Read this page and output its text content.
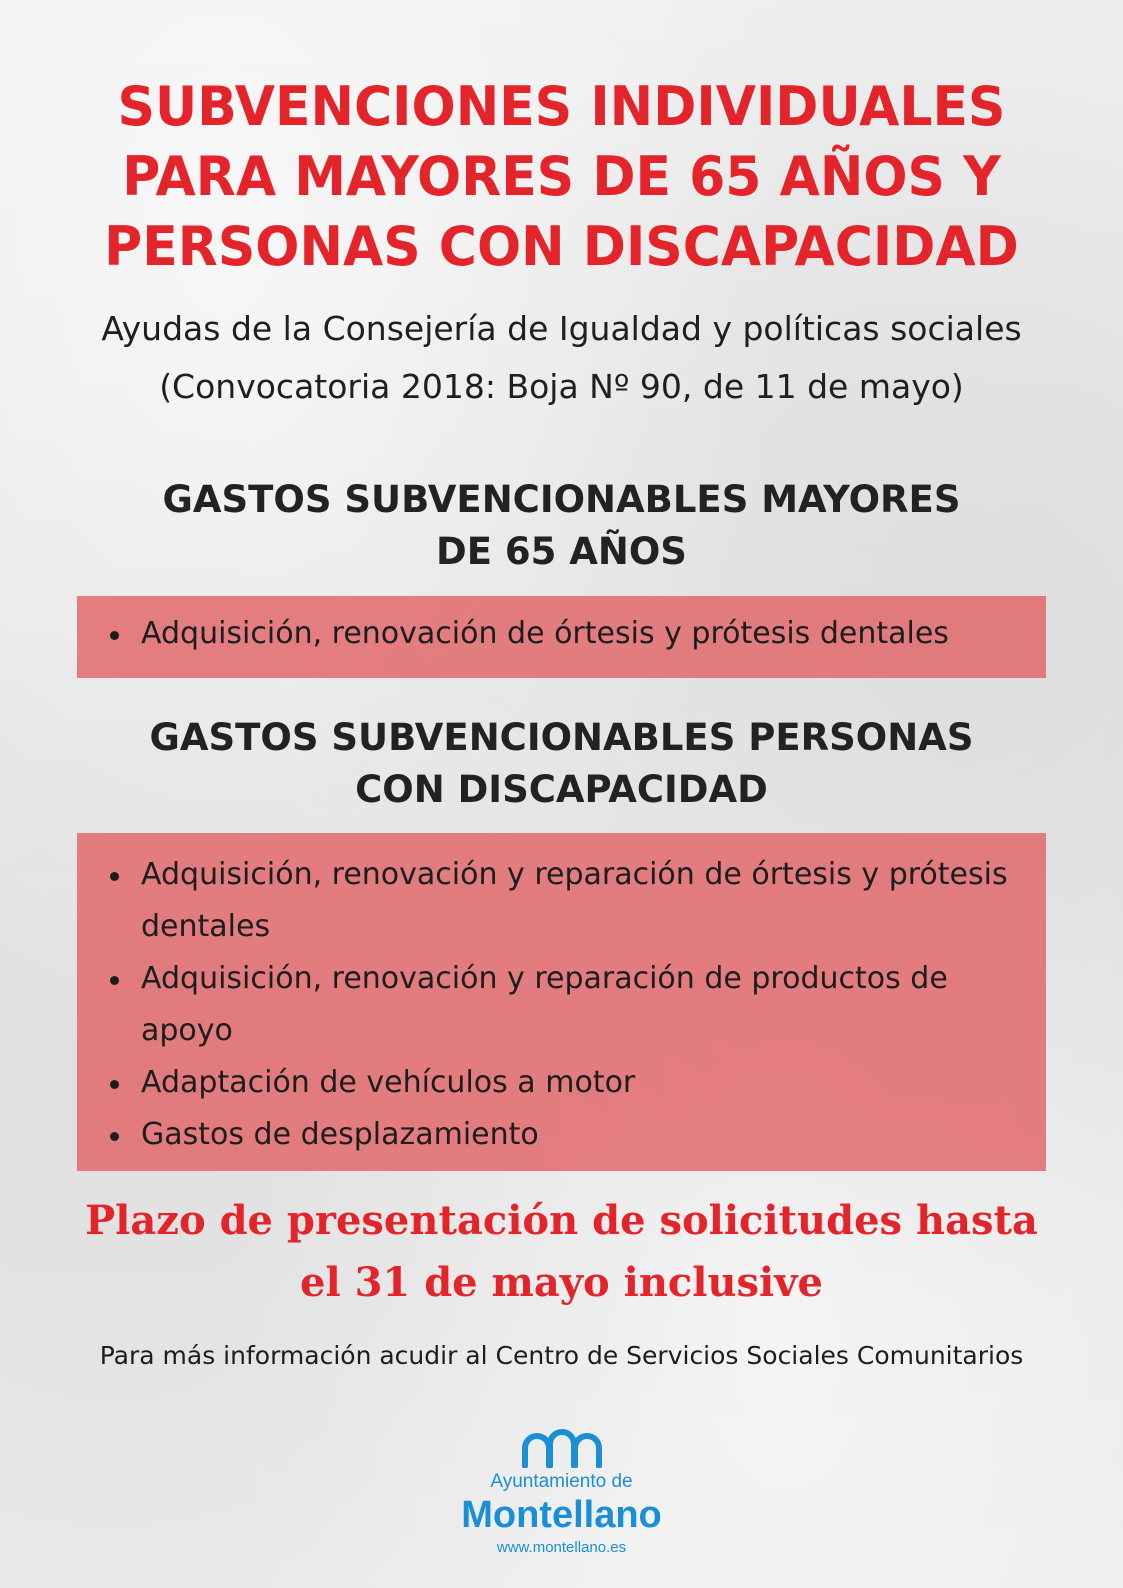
SUBVENCIONES INDIVIDUALES
PARA MAYORES DE 65 AÑOS Y
PERSONAS CON DISCAPACIDAD
Ayudas de la Consejería de Igualdad y políticas sociales
(Convocatoria 2018: Boja Nº 90, de 11 de mayo)
GASTOS SUBVENCIONABLES MAYORES
DE 65 AÑOS
Adquisición, renovación de órtesis y prótesis dentales
GASTOS SUBVENCIONABLES PERSONAS
CON DISCAPACIDAD
Adquisición, renovación y reparación de órtesis y prótesis dentales
Adquisición, renovación y reparación de productos de apoyo
Adaptación de vehículos a motor
Gastos de desplazamiento
Plazo de presentación de solicitudes hasta
el 31 de mayo inclusive
Para más información acudir al Centro de Servicios Sociales Comunitarios
Ayuntamiento de
Montellano
www.montellano.es
